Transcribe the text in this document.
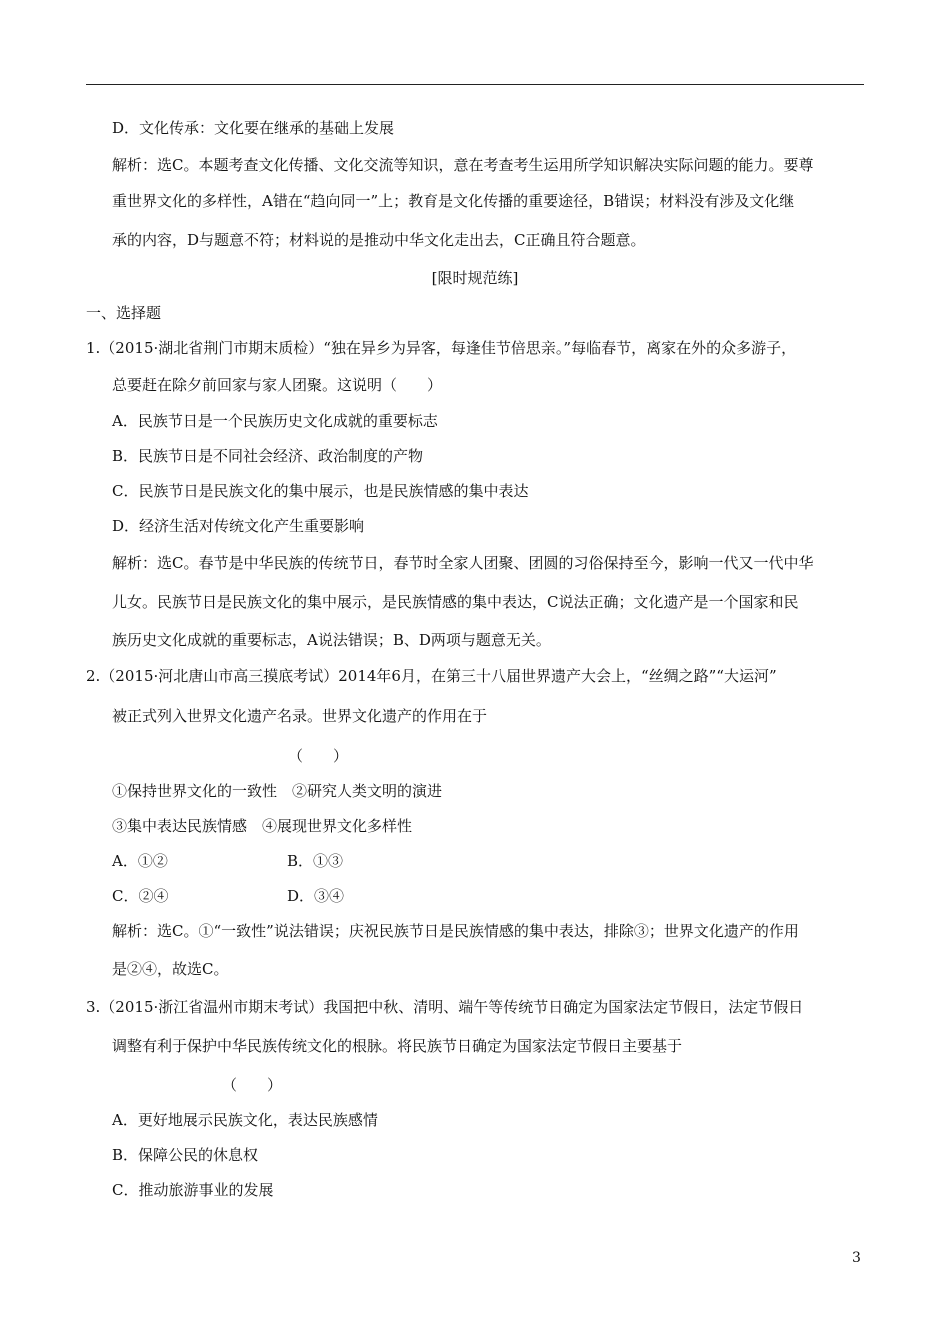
D．文化传承：文化要在继承的基础上发展
解析：选C。本题考查文化传播、文化交流等知识，意在考查考生运用所学知识解决实际问题的能力。要尊
重世界文化的多样性，A错在“趋向同一”上；教育是文化传播的重要途径，B错误；材料没有涉及文化继
承的内容，D与题意不符；材料说的是推动中华文化走出去，C正确且符合题意。
[限时规范练]
一、选择题
1.（2015·湖北省荆门市期末质检）“独在异乡为异客，每逢佳节倍思亲。”每临春节，离家在外的众多游子，
总要赶在除夕前回家与家人团聚。这说明（　　）
A．民族节日是一个民族历史文化成就的重要标志
B．民族节日是不同社会经济、政治制度的产物
C．民族节日是民族文化的集中展示，也是民族情感的集中表达
D．经济生活对传统文化产生重要影响
解析：选C。春节是中华民族的传统节日，春节时全家人团聚、团圆的习俗保持至今，影响一代又一代中华
儿女。民族节日是民族文化的集中展示，是民族情感的集中表达，C说法正确；文化遗产是一个国家和民
族历史文化成就的重要标志，A说法错误；B、D两项与题意无关。
2.（2015·河北唐山市高三摸底考试）2014年6月，在第三十八届世界遗产大会上，“丝绸之路”“大运河”
被正式列入世界文化遗产名录。世界文化遗产的作用在于
（　　）
①保持世界文化的一致性　②研究人类文明的演进
③集中表达民族情感　④展现世界文化多样性
A．①②	B．①③
C．②④	D．③④
解析：选C。①“一致性”说法错误；庆祝民族节日是民族情感的集中表达，排除③；世界文化遗产的作用
是②④，故选C。
3.（2015·浙江省温州市期末考试）我国把中秋、清明、端午等传统节日确定为国家法定节假日，法定节假日
调整有利于保护中华民族传统文化的根脉。将民族节日确定为国家法定节假日主要基于
（　　）
A．更好地展示民族文化，表达民族感情
B．保障公民的休息权
C．推动旅游事业的发展
3
